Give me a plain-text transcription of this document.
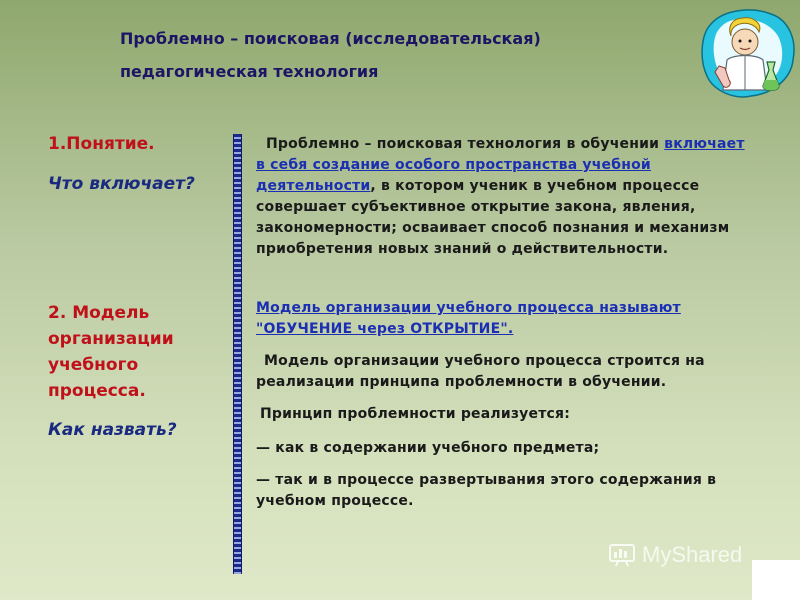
Проблемно – поисковая (исследовательская)
педагогическая технология
1.Понятие.
Что включает?
2. Модель организации учебного процесса.
Как назвать?
Проблемно – поисковая технология в обучении включает в себя создание особого пространства учебной деятельности, в котором ученик в учебном процессе совершает субъективное открытие закона, явления, закономерности; осваивает способ познания и механизм приобретения новых знаний о действительности.
Модель организации учебного процесса называют "ОБУЧЕНИЕ через ОТКРЫТИЕ".
Модель организации учебного процесса строится на реализации принципа проблемности в обучении.
Принцип проблемности реализуется:
— как в содержании учебного предмета;
— так и в процессе развертывания этого содержания в учебном процессе.
MyShared
